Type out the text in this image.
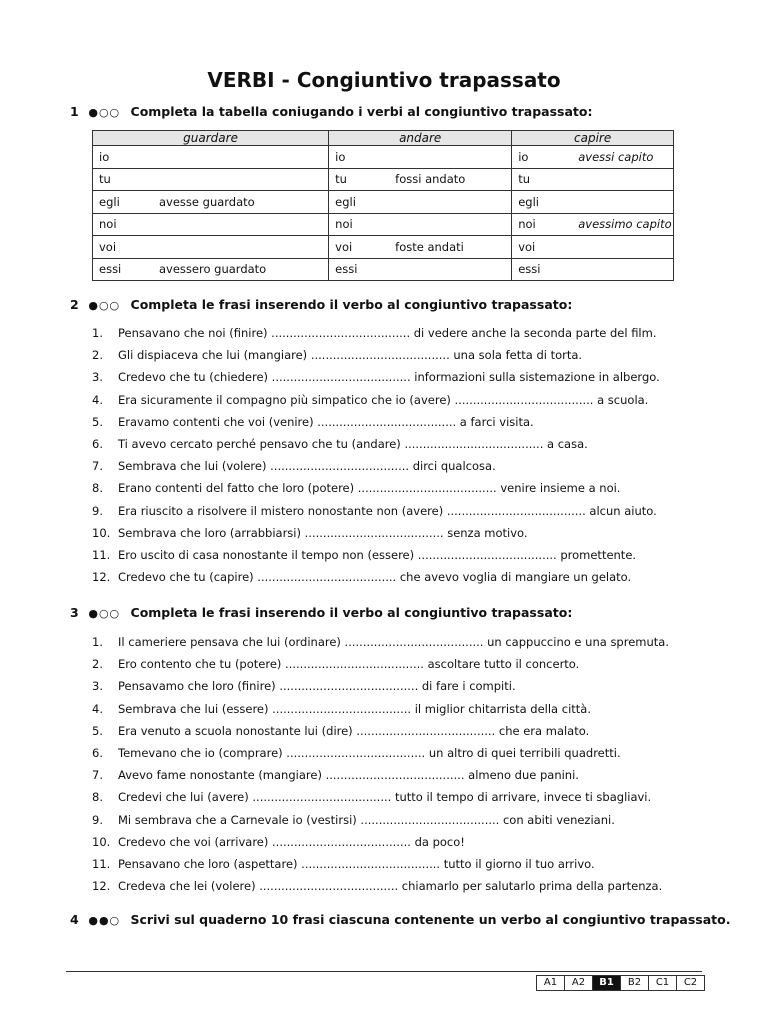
VERBI - Congiuntivo trapassato
1 ●○○ Completa la tabella coniugando i verbi al congiuntivo trapassato:
guardare	andare	capire

io	io	io avessi capito

tu	tu fossi andato	tu

egli avesse guardato	egli	egli

noi	noi	noi avessimo capito

voi	voi foste andati	voi

essi avessero guardato	essi	essi
2 ●○○ Completa le frasi inserendo il verbo al congiuntivo trapassato:
1. Pensavano che noi (finire) ...................................... di vedere anche la seconda parte del film.
2. Gli dispiaceva che lui (mangiare) ...................................... una sola fetta di torta.
3. Credevo che tu (chiedere) ...................................... informazioni sulla sistemazione in albergo.
4. Era sicuramente il compagno più simpatico che io (avere) ...................................... a scuola.
5. Eravamo contenti che voi (venire) ...................................... a farci visita.
6. Ti avevo cercato perché pensavo che tu (andare) ...................................... a casa.
7. Sembrava che lui (volere) ...................................... dirci qualcosa.
8. Erano contenti del fatto che loro (potere) ...................................... venire insieme a noi.
9. Era riuscito a risolvere il mistero nonostante non (avere) ...................................... alcun aiuto.
10. Sembrava che loro (arrabbiarsi) ...................................... senza motivo.
11. Ero uscito di casa nonostante il tempo non (essere) ...................................... promettente.
12. Credevo che tu (capire) ...................................... che avevo voglia di mangiare un gelato.
3 ●○○ Completa le frasi inserendo il verbo al congiuntivo trapassato:
1. Il cameriere pensava che lui (ordinare) ...................................... un cappuccino e una spremuta.
2. Ero contento che tu (potere) ...................................... ascoltare tutto il concerto.
3. Pensavamo che loro (finire) ...................................... di fare i compiti.
4. Sembrava che lui (essere) ...................................... il miglior chitarrista della città.
5. Era venuto a scuola nonostante lui (dire) ...................................... che era malato.
6. Temevano che io (comprare) ...................................... un altro di quei terribili quadretti.
7. Avevo fame nonostante (mangiare) ...................................... almeno due panini.
8. Credevi che lui (avere) ...................................... tutto il tempo di arrivare, invece ti sbagliavi.
9. Mi sembrava che a Carnevale io (vestirsi) ...................................... con abiti veneziani.
10. Credevo che voi (arrivare) ...................................... da poco!
11. Pensavano che loro (aspettare) ...................................... tutto il giorno il tuo arrivo.
12. Credeva che lei (volere) ...................................... chiamarlo per salutarlo prima della partenza.
4 ●●○ Scrivi sul quaderno 10 frasi ciascuna contenente un verbo al congiuntivo trapassato.
A1	A2	B1	B2	C1	C2
